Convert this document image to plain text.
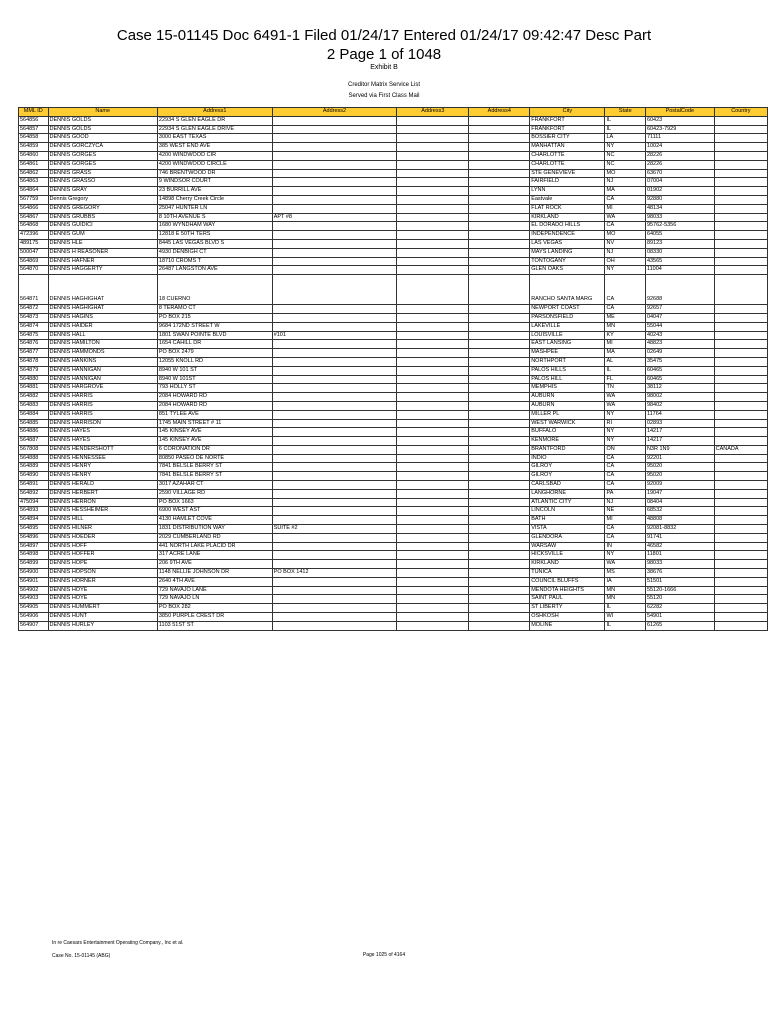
Case 15-01145 Doc 6491-1 Filed 01/24/17 Entered 01/24/17 09:42:47 Desc Part
2 Page 1 of 1048
Exhibit B
Creditor Matrix Service List
Served via First Class Mail
MML ID	Name	Address1	Address2	Address3	Address4	City	State	PostalCode	Country
564856	DENNIS GOLDS	22934 S GLEN EAGLE DR				FRANKFORT	IL	60423	
564857	DENNIS GOLDS	22934 S GLEN EAGLE DRIVE				FRANKFORT	IL	60423-7929	
564858	DENNIS GOOD	3000 EAST TEXAS				BOSSIER CITY	LA	71111	
564859	DENNIS GORCZYCA	385 WEST END AVE				MANHATTAN	NY	10024	
564860	DENNIS GORGES	4200 WINDWOOD CIR				CHARLOTTE	NC	28226	
564861	DENNIS GORGES	4200 WINDWOOD CIRCLE				CHARLOTTE	NC	28226	
564862	DENNIS GRASS	746 BRENTWOOD DR				STE GENEVIEVE	MO	63670	
564863	DENNIS GRASSO	9 WINDSOR COURT				FAIRFIELD	NJ	07004	
564864	DENNIS GRAY	23 BURRILL AVE				LYNN	MA	01902	
567759	Dennis Gregory	14898 Cherry Creek Circle				Eastvale	CA	92880	
564866	DENNIS GREGORY	25047 HUNTER LN				FLAT ROCK	MI	48134	
564867	DENNIS GRUBBS	8 10TH AVENUE S	APT #8			KIRKLAND	WA	98033	
564868	DENNIS GUIDICI	1680 WYNDHAM WAY				EL DORADO HILLS	CA	95762-5356	
472396	DENNIS GUM	12818 E 50TH TERS				INDEPENDENCE	MO	64055	
489175	DENNIS HLE	8445 LAS VEGAS BLVD S				LAS VEGAS	NV	89123	
500047	DENNIS H REASONER	4930 DENBIGH CT				MAYS LANDING	NJ	08330	
564869	DENNIS HAFNER	18710 CROMS T				TONTOGANY	OH	43565	
564870	DENNIS HAGGERTY	26487 LANGSTON AVE				GLEN OAKS	NY	11004	
564871	DENNIS HAGHIGHAT	18 CUERNO				RANCHO SANTA MARG	CA	92688	
564872	DENNIS HAGHIGHAT	8 TERAMO CT				NEWPORT COAST	CA	92657	
564873	DENNIS HAGINS	PO BOX 215				PARSONSFIELD	ME	04047	
564874	DENNIS HAIDER	9684 172ND STREET W				LAKEVILLE	MN	55044	
564875	DENNIS HALL	1801 SWAN POINTE BLVD	#101			LOUISVILLE	KY	40243	
564876	DENNIS HAMILTON	1654 CAHILL DR				EAST LANSING	MI	48823	
564877	DENNIS HAMMONDS	PO BOX 2479				MASHPEE	MA	02649	
564878	DENNIS HANKINS	12055 KNOLL RD				NORTHPORT	AL	35475	
564879	DENNIS HANNIGAN	8940 W 101 ST				PALOS HILLS	IL	60465	
564880	DENNIS HANNIGAN	8940 W 101ST				PALOS HILL	FL	60465	
564881	DENNIS HARGROVE	793 HOLLY ST				MEMPHIS	TN	38112	
564882	DENNIS HARRIS	2084 HOWARD RD				AUBURN	WA	98002	
564883	DENNIS HARRIS	2084 HOWARD RD				AUBURN	WA	98402	
564884	DENNIS HARRIS	851 TYLEE AVE				MILLER PL	NY	11764	
564885	DENNIS HARRISON	1745 MAIN STREET # 11				WEST WARWICK	RI	02893	
564886	DENNIS HAYES	145 KINSEY AVE				BUFFALO	NY	14217	
564887	DENNIS HAYES	145 KINSEY AVE				KENMORE	NY	14217	
567808	DENNIS HENDERSHOTT	6 CORONATION DR				BRANTFORD	ON	N3R 1N9	CANADA
564888	DENNIS HENNESSEE	80850 PASEO DE NORTE				INDIO	CA	92201	
564889	DENNIS HENRY	7841 BELSLE BERRY ST				GILROY	CA	95020	
564890	DENNIS HENRY	7841 BELSLE BERRY ST				GILROY	CA	95020	
564891	DENNIS HERALD	3017 AZAHAR CT				CARLSBAD	CA	92009	
564892	DENNIS HERBERT	2590 VILLAGE RD				LANGHORNE	PA	19047	
475094	DENNIS HERRON	PO BOX 1663				ATLANTIC CITY	NJ	08404	
564893	DENNIS HESSHEIMER	6900 WEST AST				LINCOLN	NE	68532	
564894	DENNIS HILL	4130 HAMLET COVE				BATH	MI	48808	
564895	DENNIS HILNER	1831 DISTRIBUTION WAY	SUITE #2			VISTA	CA	92081-8832	
564896	DENNIS HOEDER	2029 CUMBERLAND RD				GLENDORA	CA	91741	
564897	DENNIS HOFF	441 NORTH LAKE PLACID DR				WARSAW	IN	46582	
564898	DENNIS HOFFER	317 ACRE LANE				HICKSVILLE	NY	11801	
564899	DENNIS HOPE	206 9TH AVE				KIRKLAND	WA	98033	
564900	DENNIS HOPSON	1148 NELLIE JOHNSON DR	PO BOX 1412			TUNICA	MS	38676	
564901	DENNIS HORNER	2640 4TH AVE				COUNCIL BLUFFS	IA	51501	
564902	DENNIS HOYE	729 NAVAJO LANE				MENDOTA HEIGHTS	MN	55120-1666	
564903	DENNIS HOYE	729 NAVAJO LN				SAINT PAUL	MN	55120	
564905	DENNIS HUMMERT	PO BOX 282				ST LIBERTY	IL	62282	
564906	DENNIS HUNT	3850 PURPLE CREST DR				OSHKOSH	WI	54901	
564907	DENNIS HURLEY	1103 51ST ST				MOLINE	IL	61265	
In re Caesars Entertainment Operating Company., Inc et al.
Case No. 15-01145 (ABG)	Page 1025 of 4164
